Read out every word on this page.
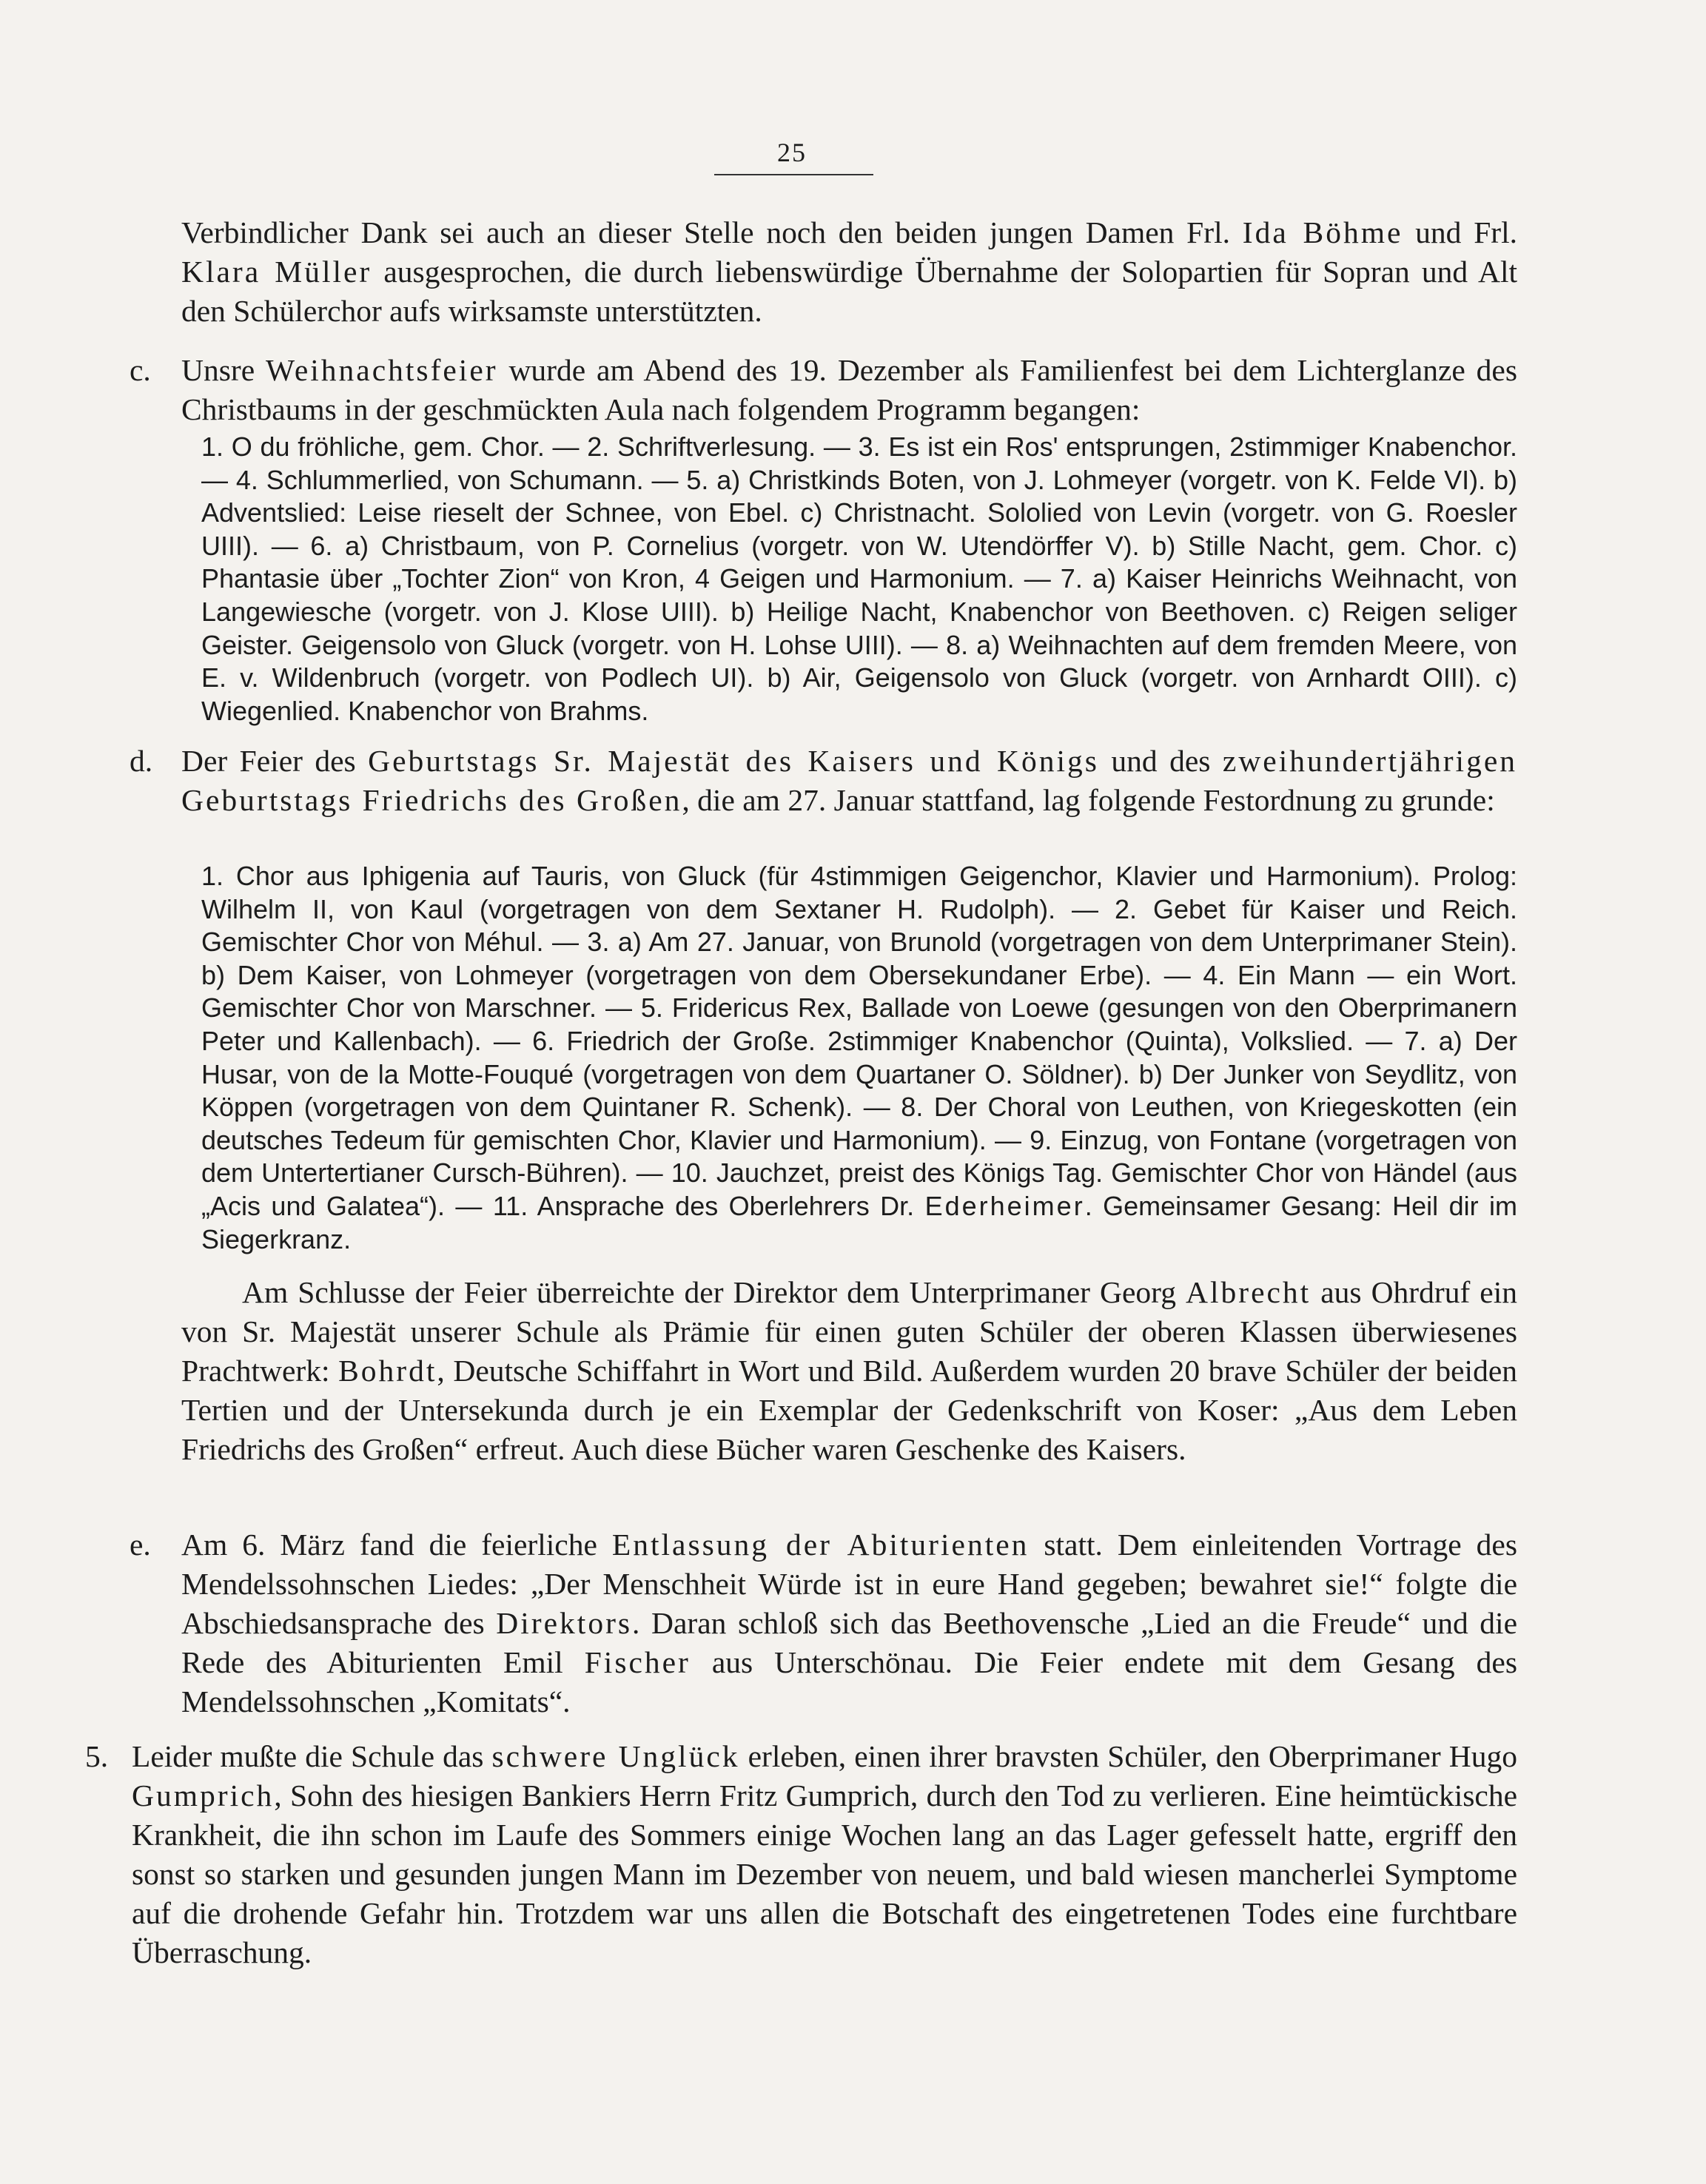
25
Verbindlicher Dank sei auch an dieser Stelle noch den beiden jungen Damen Frl. Ida Böhme und Frl. Klara Müller ausgesprochen, die durch liebenswürdige Übernahme der Solopartien für Sopran und Alt den Schülerchor aufs wirksamste unterstützten.
c. Unsre Weihnachtsfeier wurde am Abend des 19. Dezember als Familienfest bei dem Lichterglanze des Christbaums in der geschmückten Aula nach folgendem Programm begangen:
1. O du fröhliche, gem. Chor. — 2. Schriftverlesung. — 3. Es ist ein Ros' entsprungen, 2stimmiger Knabenchor. — 4. Schlummerlied, von Schumann. — 5. a) Christkinds Boten, von J. Lohmeyer (vorgetr. von K. Felde VI). b) Adventslied: Leise rieselt der Schnee, von Ebel. c) Christnacht. Sololied von Levin (vorgetr. von G. Roesler UIII). — 6. a) Christbaum, von P. Cornelius (vorgetr. von W. Utendörffer V). b) Stille Nacht, gem. Chor. c) Phantasie über „Tochter Zion“ von Kron, 4 Geigen und Harmonium. — 7. a) Kaiser Heinrichs Weihnacht, von Langewiesche (vorgetr. von J. Klose UIII). b) Heilige Nacht, Knabenchor von Beethoven. c) Reigen seliger Geister. Geigensolo von Gluck (vorgetr. von H. Lohse UIII). — 8. a) Weihnachten auf dem fremden Meere, von E. v. Wildenbruch (vorgetr. von Podlech UI). b) Air, Geigensolo von Gluck (vorgetr. von Arnhardt OIII). c) Wiegenlied. Knabenchor von Brahms.
d. Der Feier des Geburtstags Sr. Majestät des Kaisers und Königs und des zweihundertjährigen Geburtstags Friedrichs des Großen, die am 27. Januar stattfand, lag folgende Festordnung zu grunde:
1. Chor aus Iphigenia auf Tauris, von Gluck (für 4stimmigen Geigenchor, Klavier und Harmonium). Prolog: Wilhelm II, von Kaul (vorgetragen von dem Sextaner H. Rudolph). — 2. Gebet für Kaiser und Reich. Gemischter Chor von Méhul. — 3. a) Am 27. Januar, von Brunold (vorgetragen von dem Unterprimaner Stein). b) Dem Kaiser, von Lohmeyer (vorgetragen von dem Obersekundaner Erbe). — 4. Ein Mann — ein Wort. Gemischter Chor von Marschner. — 5. Fridericus Rex, Ballade von Loewe (gesungen von den Oberprimanern Peter und Kallenbach). — 6. Friedrich der Große. 2stimmiger Knabenchor (Quinta), Volkslied. — 7. a) Der Husar, von de la Motte-Fouqué (vorgetragen von dem Quartaner O. Söldner). b) Der Junker von Seydlitz, von Köppen (vorgetragen von dem Quintaner R. Schenk). — 8. Der Choral von Leuthen, von Kriegeskotten (ein deutsches Tedeum für gemischten Chor, Klavier und Harmonium). — 9. Einzug, von Fontane (vorgetragen von dem Untertertianer Cursch-Bühren). — 10. Jauchzet, preist des Königs Tag. Gemischter Chor von Händel (aus „Acis und Galatea“). — 11. Ansprache des Oberlehrers Dr. Ederheimer. Gemeinsamer Gesang: Heil dir im Siegerkranz.
Am Schlusse der Feier überreichte der Direktor dem Unterprimaner Georg Albrecht aus Ohrdruf ein von Sr. Majestät unserer Schule als Prämie für einen guten Schüler der oberen Klassen überwiesenes Prachtwerk: Bohrdt, Deutsche Schiffahrt in Wort und Bild. Außerdem wurden 20 brave Schüler der beiden Tertien und der Untersekunda durch je ein Exemplar der Gedenkschrift von Koser: „Aus dem Leben Friedrichs des Großen“ erfreut. Auch diese Bücher waren Geschenke des Kaisers.
e. Am 6. März fand die feierliche Entlassung der Abiturienten statt. Dem einleitenden Vortrage des Mendelssohnschen Liedes: „Der Menschheit Würde ist in eure Hand gegeben; bewahret sie!“ folgte die Abschiedsansprache des Direktors. Daran schloß sich das Beethovensche „Lied an die Freude“ und die Rede des Abiturienten Emil Fischer aus Unterschönau. Die Feier endete mit dem Gesang des Mendelssohnschen „Komitats“.
5. Leider mußte die Schule das schwere Unglück erleben, einen ihrer bravsten Schüler, den Oberprimaner Hugo Gumprich, Sohn des hiesigen Bankiers Herrn Fritz Gumprich, durch den Tod zu verlieren. Eine heimtückische Krankheit, die ihn schon im Laufe des Sommers einige Wochen lang an das Lager gefesselt hatte, ergriff den sonst so starken und gesunden jungen Mann im Dezember von neuem, und bald wiesen mancherlei Symptome auf die drohende Gefahr hin. Trotzdem war uns allen die Botschaft des eingetretenen Todes eine furchtbare Überraschung.
